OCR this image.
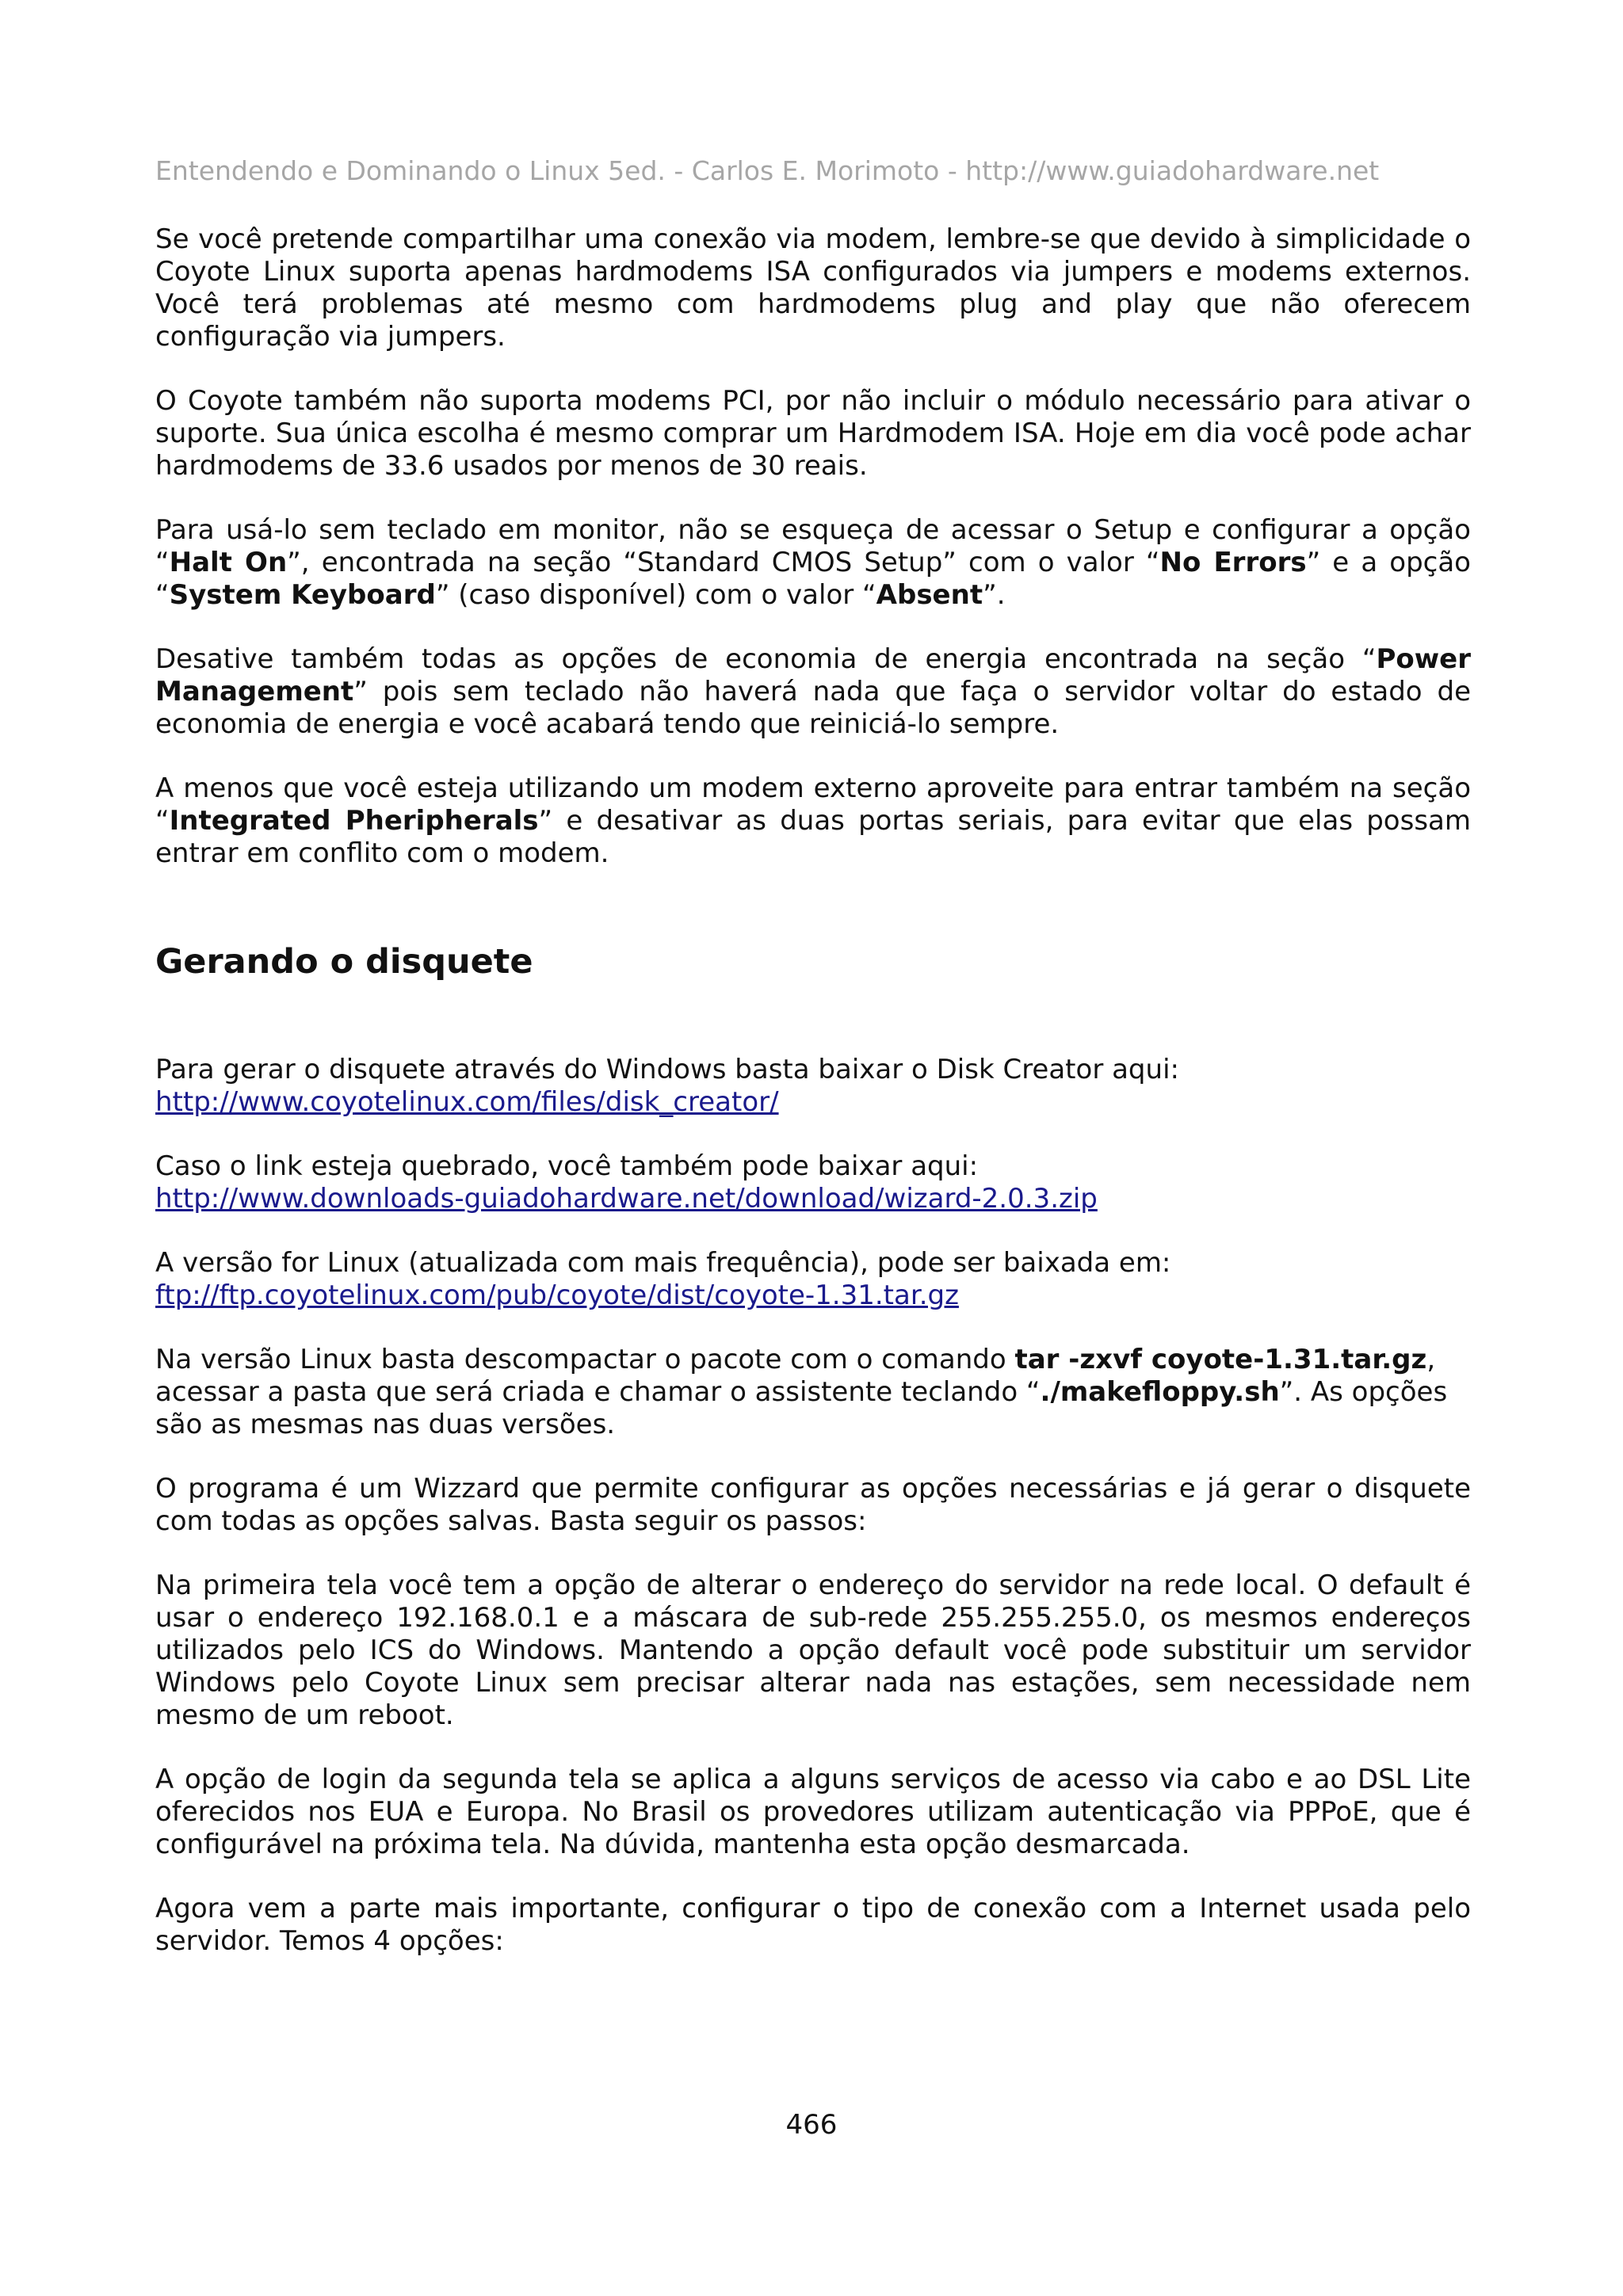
Entendendo e Dominando o Linux 5ed. - Carlos E. Morimoto - http://www.guiadohardware.net

Se você pretende compartilhar uma conexão via modem, lembre-se que devido à simplicidade o Coyote Linux suporta apenas hardmodems ISA configurados via jumpers e modems externos. Você terá problemas até mesmo com hardmodems plug and play que não oferecem configuração via jumpers.

O Coyote também não suporta modems PCI, por não incluir o módulo necessário para ativar o suporte. Sua única escolha é mesmo comprar um Hardmodem ISA. Hoje em dia você pode achar hardmodems de 33.6 usados por menos de 30 reais.

Para usá-lo sem teclado em monitor, não se esqueça de acessar o Setup e configurar a opção “Halt On”, encontrada na seção “Standard CMOS Setup” com o valor “No Errors” e a opção “System Keyboard” (caso disponível) com o valor “Absent”.

Desative também todas as opções de economia de energia encontrada na seção “Power Management” pois sem teclado não haverá nada que faça o servidor voltar do estado de economia de energia e você acabará tendo que reiniciá-lo sempre.

A menos que você esteja utilizando um modem externo aproveite para entrar também na seção “Integrated Pheripherals” e desativar as duas portas seriais, para evitar que elas possam entrar em conflito com o modem.

Gerando o disquete

Para gerar o disquete através do Windows basta baixar o Disk Creator aqui:
http://www.coyotelinux.com/files/disk_creator/

Caso o link esteja quebrado, você também pode baixar aqui:
http://www.downloads-guiadohardware.net/download/wizard-2.0.3.zip

A versão for Linux (atualizada com mais frequência), pode ser baixada em:
ftp://ftp.coyotelinux.com/pub/coyote/dist/coyote-1.31.tar.gz

Na versão Linux basta descompactar o pacote com o comando tar -zxvf coyote-1.31.tar.gz, acessar a pasta que será criada e chamar o assistente teclando “./makefloppy.sh”. As opções são as mesmas nas duas versões.

O programa é um Wizzard que permite configurar as opções necessárias e já gerar o disquete com todas as opções salvas. Basta seguir os passos:

Na primeira tela você tem a opção de alterar o endereço do servidor na rede local. O default é usar o endereço 192.168.0.1 e a máscara de sub-rede 255.255.255.0, os mesmos endereços utilizados pelo ICS do Windows. Mantendo a opção default você pode substituir um servidor Windows pelo Coyote Linux sem precisar alterar nada nas estações, sem necessidade nem mesmo de um reboot.

A opção de login da segunda tela se aplica a alguns serviços de acesso via cabo e ao DSL Lite oferecidos nos EUA e Europa. No Brasil os provedores utilizam autenticação via PPPoE, que é configurável na próxima tela. Na dúvida, mantenha esta opção desmarcada.

Agora vem a parte mais importante, configurar o tipo de conexão com a Internet usada pelo servidor. Temos 4 opções:

466
